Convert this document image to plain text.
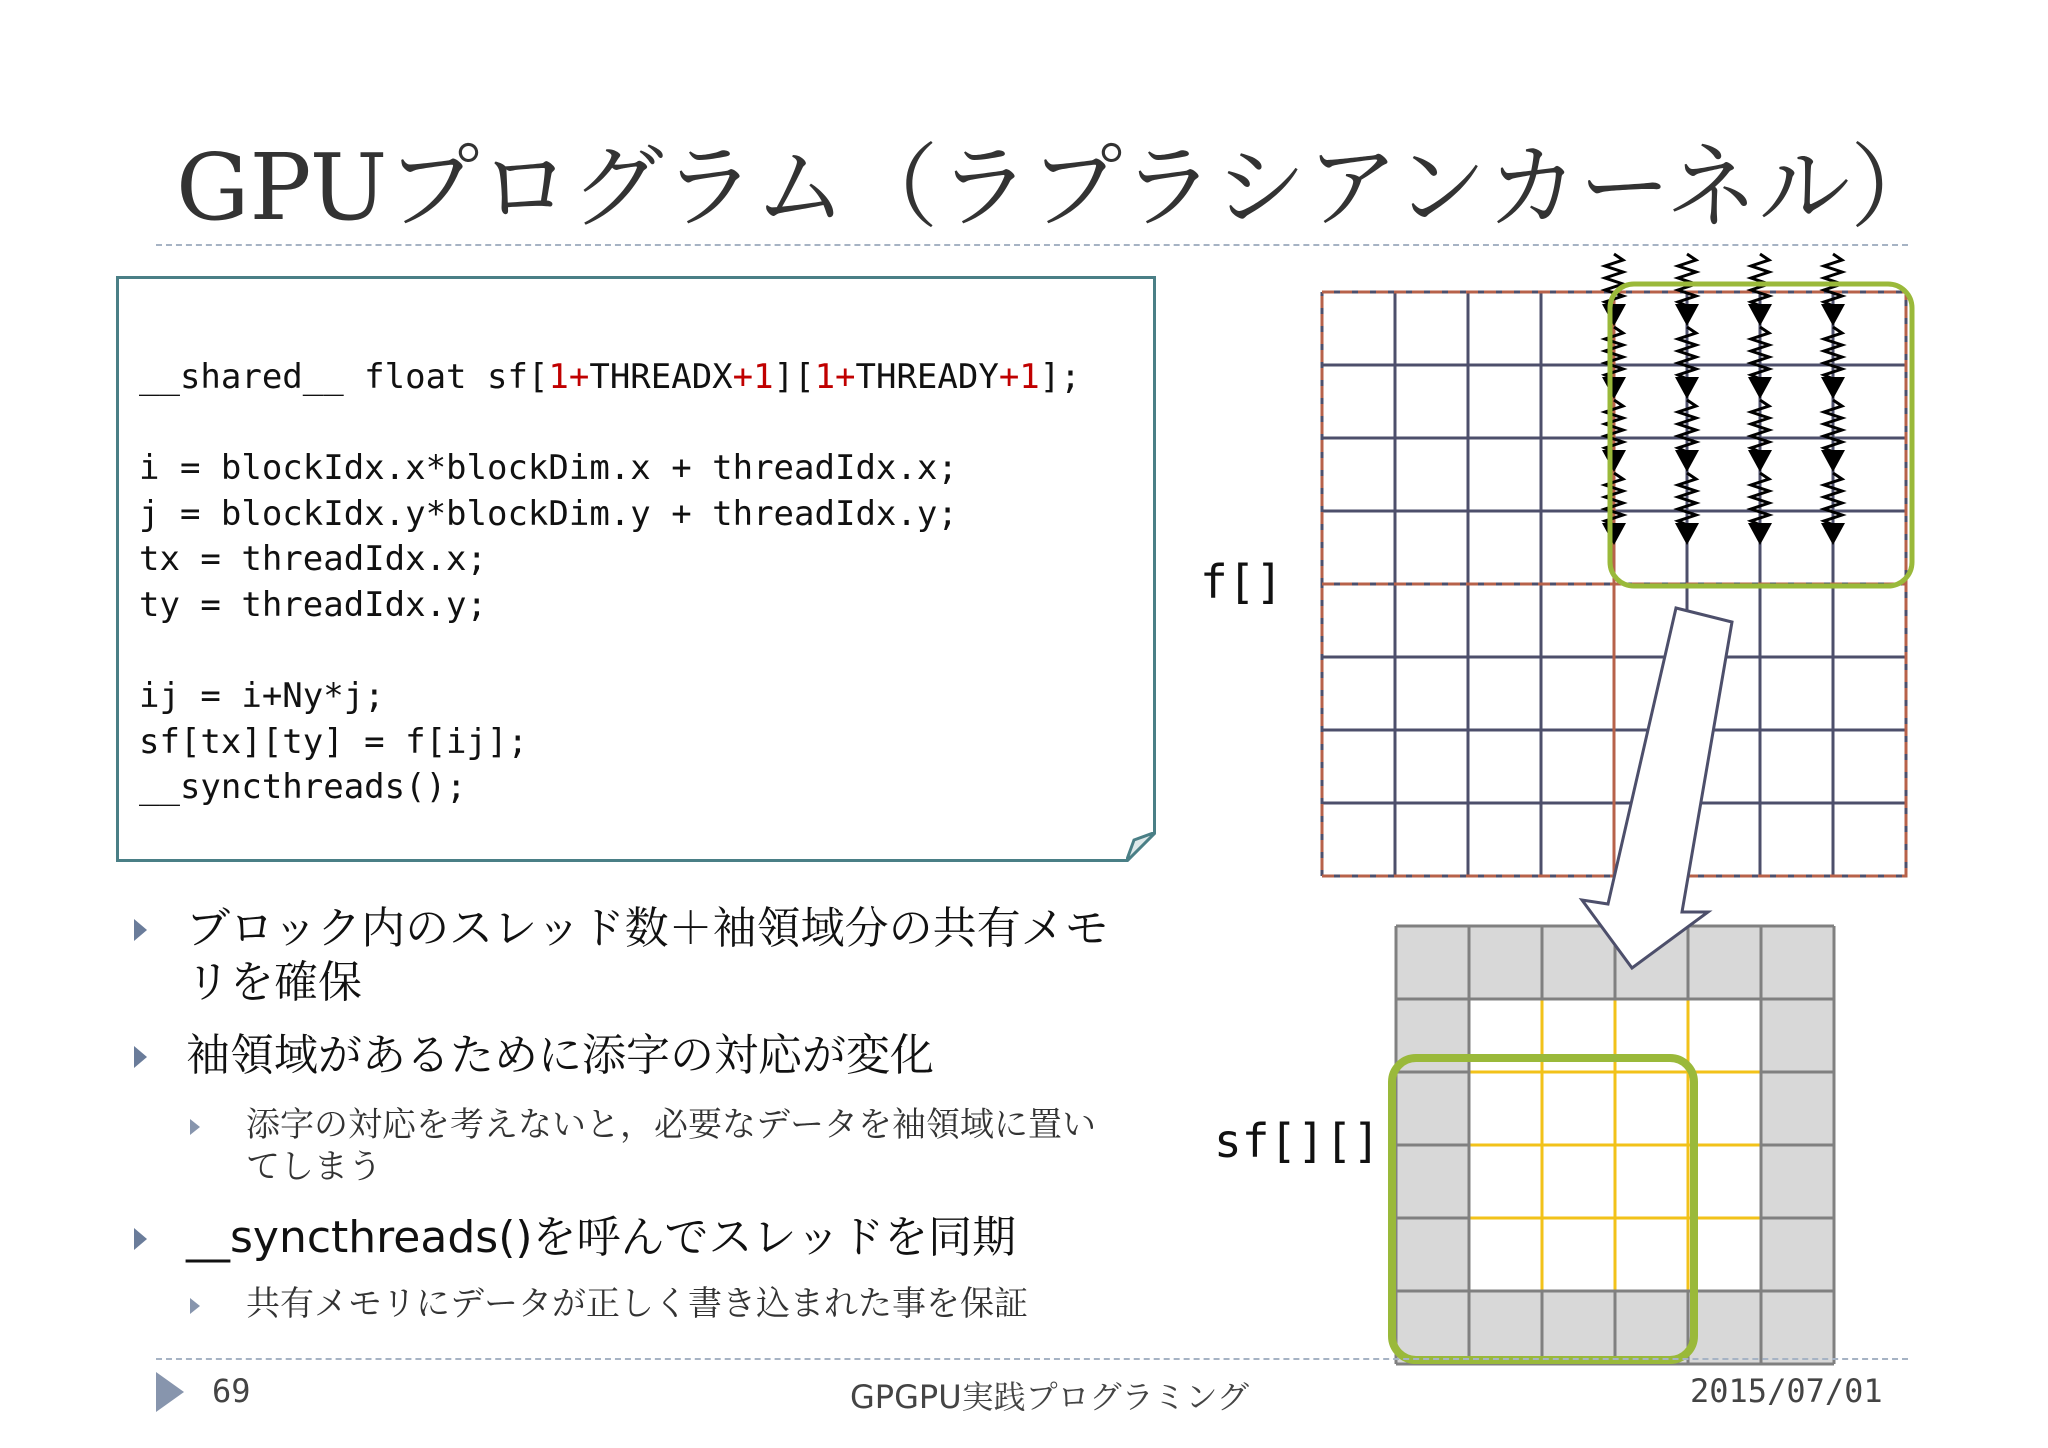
GPUプログラム（ラプラシアンカーネル）
__shared__ float sf[1+THREADX+1][1+THREADY+1];

i = blockIdx.x*blockDim.x + threadIdx.x;
j = blockIdx.y*blockDim.y + threadIdx.y;
tx = threadIdx.x;
ty = threadIdx.y;

ij = i+Ny*j;
sf[tx][ty] = f[ij];
__syncthreads();

ブロック内のスレッド数＋袖領域分の共有メモ
リを確保
袖領域があるために添字の対応が変化
添字の対応を考えないと，必要なデータを袖領域に置い
てしまう
__syncthreads()を呼んでスレッドを同期
共有メモリにデータが正しく書き込まれた事を保証
f[]
sf[][]
69	GPGPU実践プログラミング	2015/07/01
